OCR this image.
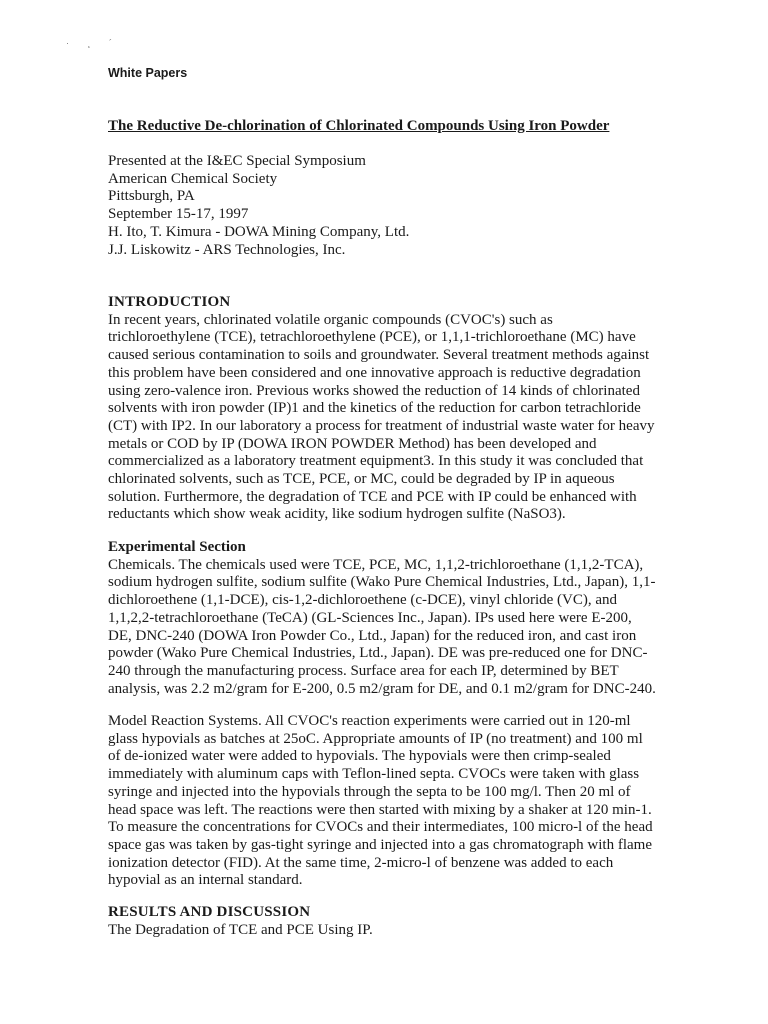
· ¸ ´
White Papers
The Reductive De-chlorination of Chlorinated Compounds Using Iron Powder
Presented at the I&EC Special Symposium
American Chemical Society
Pittsburgh, PA
September 15-17, 1997
H. Ito, T. Kimura - DOWA Mining Company, Ltd.
J.J. Liskowitz - ARS Technologies, Inc.
INTRODUCTION
In recent years, chlorinated volatile organic compounds (CVOC's) such as
trichloroethylene (TCE), tetrachloroethylene (PCE), or 1,1,1-trichloroethane (MC) have
caused serious contamination to soils and groundwater. Several treatment methods against
this problem have been considered and one innovative approach is reductive degradation
using zero-valence iron. Previous works showed the reduction of 14 kinds of chlorinated
solvents with iron powder (IP)1 and the kinetics of the reduction for carbon tetrachloride
(CT) with IP2. In our laboratory a process for treatment of industrial waste water for heavy
metals or COD by IP (DOWA IRON POWDER Method) has been developed and
commercialized as a laboratory treatment equipment3. In this study it was concluded that
chlorinated solvents, such as TCE, PCE, or MC, could be degraded by IP in aqueous
solution. Furthermore, the degradation of TCE and PCE with IP could be enhanced with
reductants which show weak acidity, like sodium hydrogen sulfite (NaSO3).
Experimental Section
Chemicals. The chemicals used were TCE, PCE, MC, 1,1,2-trichloroethane (1,1,2-TCA),
sodium hydrogen sulfite, sodium sulfite (Wako Pure Chemical Industries, Ltd., Japan), 1,1-
dichloroethene (1,1-DCE), cis-1,2-dichloroethene (c-DCE), vinyl chloride (VC), and
1,1,2,2-tetrachloroethane (TeCA) (GL-Sciences Inc., Japan). IPs used here were E-200,
DE, DNC-240 (DOWA Iron Powder Co., Ltd., Japan) for the reduced iron, and cast iron
powder (Wako Pure Chemical Industries, Ltd., Japan). DE was pre-reduced one for DNC-
240 through the manufacturing process. Surface area for each IP, determined by BET
analysis, was 2.2 m2/gram for E-200, 0.5 m2/gram for DE, and 0.1 m2/gram for DNC-240.
Model Reaction Systems. All CVOC's reaction experiments were carried out in 120-ml
glass hypovials as batches at 25oC. Appropriate amounts of IP (no treatment) and 100 ml
of de-ionized water were added to hypovials. The hypovials were then crimp-sealed
immediately with aluminum caps with Teflon-lined septa. CVOCs were taken with glass
syringe and injected into the hypovials through the septa to be 100 mg/l. Then 20 ml of
head space was left. The reactions were then started with mixing by a shaker at 120 min-1.
To measure the concentrations for CVOCs and their intermediates, 100 micro-l of the head
space gas was taken by gas-tight syringe and injected into a gas chromatograph with flame
ionization detector (FID). At the same time, 2-micro-l of benzene was added to each
hypovial as an internal standard.
RESULTS AND DISCUSSION
The Degradation of TCE and PCE Using IP.
